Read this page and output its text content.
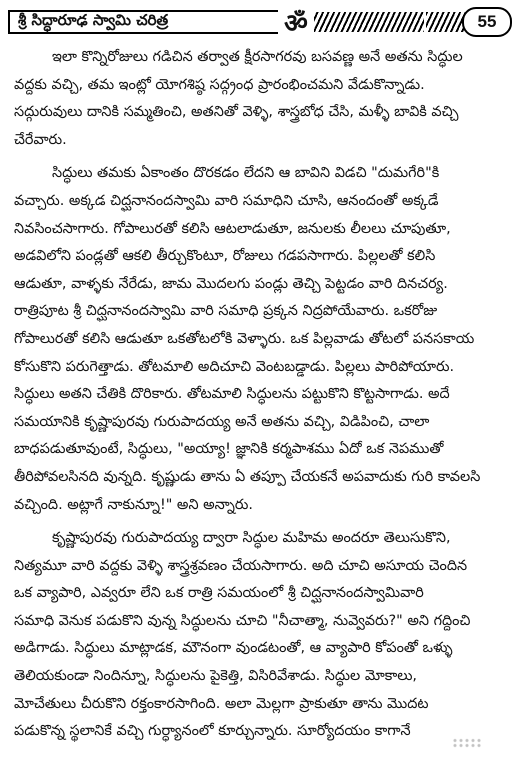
శ్రీ సిద్ధారూఢ స్వామి చరిత్ర	ॐ	55

ఇలా కొన్నిరోజులు గడిచిన తర్వాత క్షీరసాగరవు బసవణ్ణ అనే అతను సిద్ధుల
వద్దకు వచ్చి, తమ ఇంట్లో యోగశిష్ఠ సద్గ్రంధ ప్రారంభించమని వేడుకొన్నాడు.
సద్గురువులు దానికి సమ్మతించి, అతనితో వెళ్ళి, శాస్త్రబోధ చేసి, మళ్ళీ బావికి వచ్చి
చేరేవారు.

సిద్ధులు తమకు ఏకాంతం దొరకడం లేదని ఆ బావిని విడచి "దుమగేరి"కి
వచ్చారు. అక్కడ చిద్ఘనానందస్వామి వారి సమాధిని చూసి, ఆనందంతో అక్కడే
నివసించసాగారు. గోపాలురతో కలిసి ఆటలాడుతూ, జనులకు లీలలు చూపుతూ,
అడవిలోని పండ్లతో ఆకలి తీర్చుకొంటూ, రోజులు గడపసాగారు. పిల్లలతో కలిసి
ఆడుతూ, వాళ్ళకు నేరేడు, జామ మొదలగు పండ్లు తెచ్చి పెట్టడం వారి దినచర్య.
రాత్రిపూట శ్రీ చిద్ఘనానందస్వామి వారి సమాధి ప్రక్కన నిద్రపోయేవారు. ఒకరోజు
గోపాలురతో కలిసి ఆడుతూ ఒకతోటలోకి వెళ్ళారు. ఒక పిల్లవాడు తోటలో పనసకాయ
కోసుకొని పరుగెత్తాడు. తోటమాలి అదిచూచి వెంటబడ్డాడు. పిల్లలు పారిపోయారు.
సిద్ధులు అతని చేతికి దొరికారు. తోటమాలి సిద్ధులను పట్టుకొని కొట్టసాగాడు. అదే
సమయానికి కృష్ణాపురవు గురుపాదయ్య అనే అతను వచ్చి, విడిపించి, చాలా
బాధపడుతూవుంటే, సిద్ధులు, "అయ్యా! జ్ఞానికి కర్మపాశము ఏదో ఒక నెపముతో
తీరిపోవలసినది వున్నది. కృష్ణుడు తాను ఏ తప్పూ చేయకనే అపవాదుకు గురి కావలసి
వచ్చింది. అట్లాగే నాకున్నూ!" అని అన్నారు.

కృష్ణాపురవు గురుపాదయ్య ద్వారా సిద్ధుల మహిమ అందరూ తెలుసుకొని,
నిత్యమూ వారి వద్దకు వెళ్ళి శాస్త్రశ్రవణం చేయసాగారు. అది చూచి అసూయ చెందిన
ఒక వ్యాపారి, ఎవ్వరూ లేని ఒక రాత్రి సమయంలో శ్రీ చిద్ఘనానందస్వామివారి
సమాధి వెనుక పడుకొని వున్న సిద్ధులను చూచి "నీచాత్మా, నువ్వెవరు?" అని గద్దించి
అడిగాడు. సిద్ధులు మాట్లాడక, మౌనంగా వుండటంతో, ఆ వ్యాపారి కోపంతో ఒళ్ళు
తెలియకుండా నిందిన్నూ, సిద్ధులను పైకెత్తి, విసిరివేశాడు. సిద్ధుల మోకాలు,
మోచేతులు చీరుకొని రక్తంకారసాగింది. అలా మెల్లగా ప్రాకుతూ తాను మొదట
పడుకొన్న స్థలానికే వచ్చి గుర్ధ్యానంలో కూర్చున్నారు. సూర్యోదయం కాగానే
